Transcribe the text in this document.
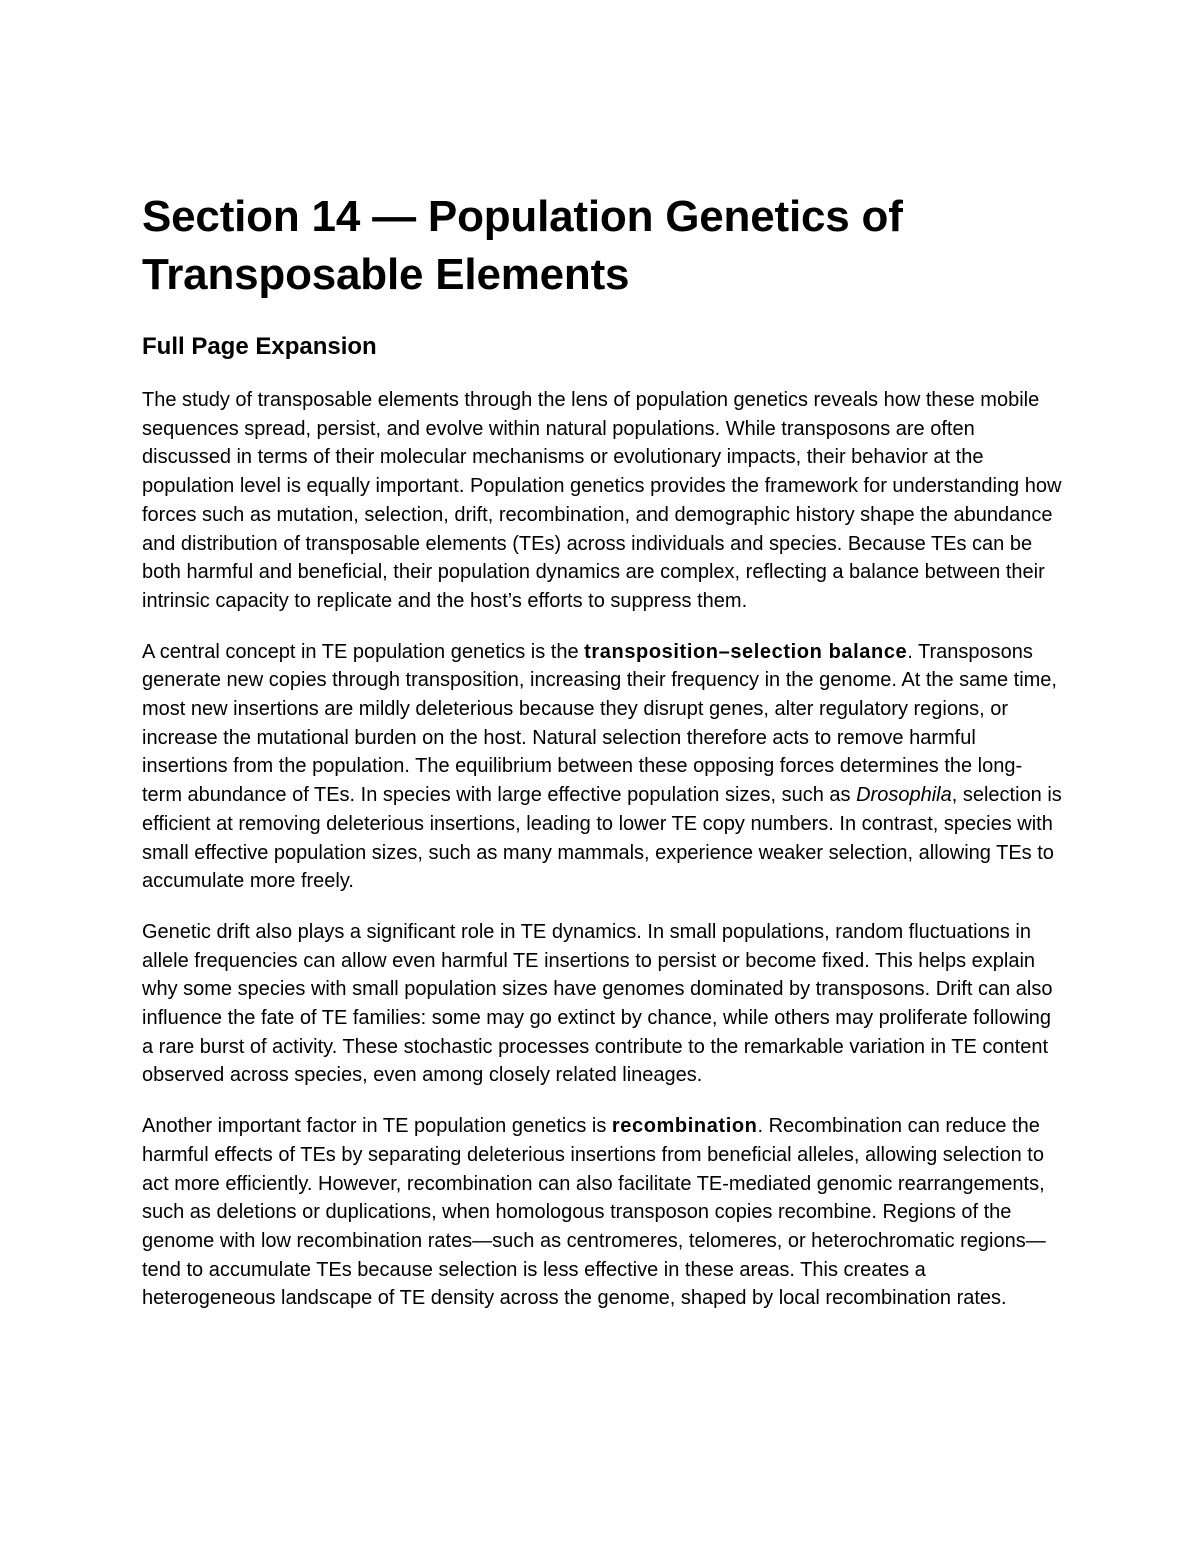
Section 14 — Population Genetics of Transposable Elements
Full Page Expansion

The study of transposable elements through the lens of population genetics reveals how these mobile sequences spread, persist, and evolve within natural populations. While transposons are often discussed in terms of their molecular mechanisms or evolutionary impacts, their behavior at the population level is equally important. Population genetics provides the framework for understanding how forces such as mutation, selection, drift, recombination, and demographic history shape the abundance and distribution of transposable elements (TEs) across individuals and species. Because TEs can be both harmful and beneficial, their population dynamics are complex, reflecting a balance between their intrinsic capacity to replicate and the host’s efforts to suppress them.

A central concept in TE population genetics is the transposition–selection balance. Transposons generate new copies through transposition, increasing their frequency in the genome. At the same time, most new insertions are mildly deleterious because they disrupt genes, alter regulatory regions, or increase the mutational burden on the host. Natural selection therefore acts to remove harmful insertions from the population. The equilibrium between these opposing forces determines the long-term abundance of TEs. In species with large effective population sizes, such as Drosophila, selection is efficient at removing deleterious insertions, leading to lower TE copy numbers. In contrast, species with small effective population sizes, such as many mammals, experience weaker selection, allowing TEs to accumulate more freely.

Genetic drift also plays a significant role in TE dynamics. In small populations, random fluctuations in allele frequencies can allow even harmful TE insertions to persist or become fixed. This helps explain why some species with small population sizes have genomes dominated by transposons. Drift can also influence the fate of TE families: some may go extinct by chance, while others may proliferate following a rare burst of activity. These stochastic processes contribute to the remarkable variation in TE content observed across species, even among closely related lineages.

Another important factor in TE population genetics is recombination. Recombination can reduce the harmful effects of TEs by separating deleterious insertions from beneficial alleles, allowing selection to act more efficiently. However, recombination can also facilitate TE-mediated genomic rearrangements, such as deletions or duplications, when homologous transposon copies recombine. Regions of the genome with low recombination rates—such as centromeres, telomeres, or heterochromatic regions—tend to accumulate TEs because selection is less effective in these areas. This creates a heterogeneous landscape of TE density across the genome, shaped by local recombination rates.
